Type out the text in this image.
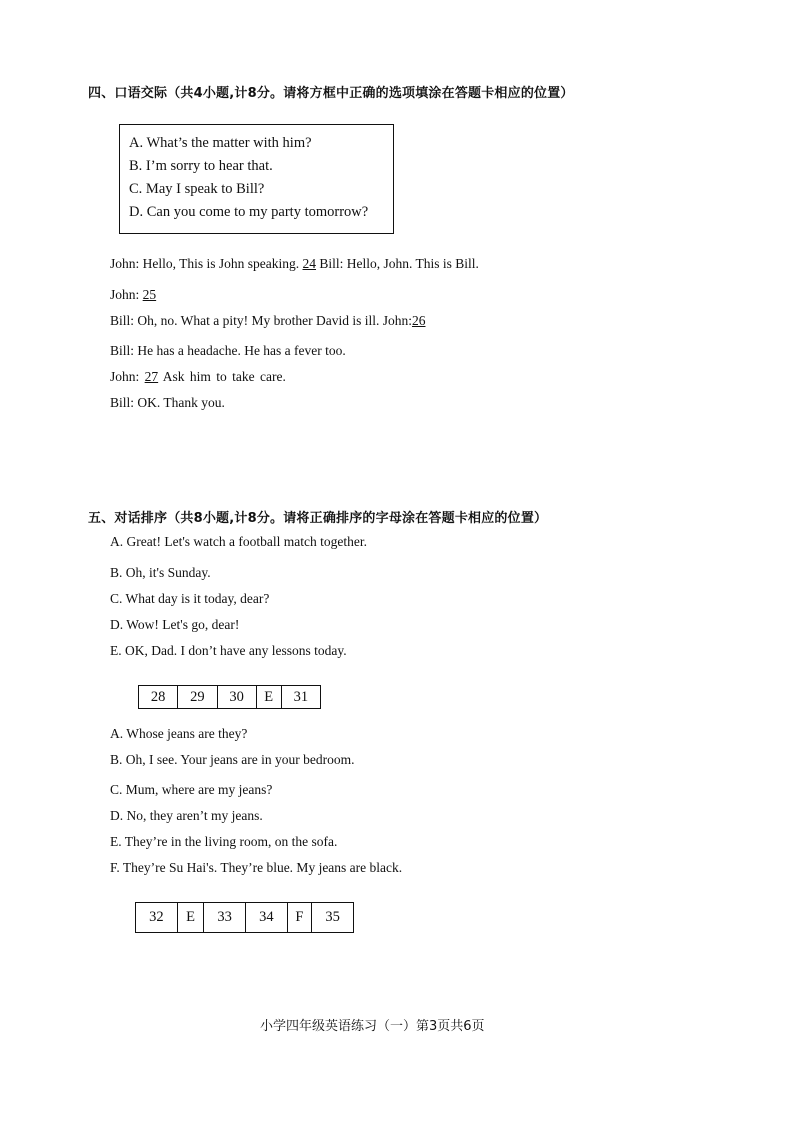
四、口语交际（共4小题,计8分。请将方框中正确的选项填涂在答题卡相应的位置）
A. What’s the matter with him?
B. I’m sorry to hear that.
C. May I speak to Bill?
D. Can you come to my party tomorrow?
John: Hello, This is John speaking. 24 Bill: Hello, John. This is Bill.
John: 25
Bill: Oh, no. What a pity! My brother David is ill. John:26
Bill: He has a headache. He has a fever too.
John: 27 Ask him to take care.
Bill: OK. Thank you.
五、对话排序（共8小题,计8分。请将正确排序的字母涂在答题卡相应的位置）
A. Great! Let's watch a football match together.
B. Oh, it's Sunday.
C. What day is it today, dear?
D. Wow! Let's go, dear!
E. OK, Dad. I don’t have any lessons today.
28	29	30	E	31
A. Whose jeans are they?
B. Oh, I see. Your jeans are in your bedroom.
C. Mum, where are my jeans?
D. No, they aren’t my jeans.
E. They’re in the living room, on the sofa.
F. They’re Su Hai's. They’re blue. My jeans are black.
32	E	33	34	F	35
小学四年级英语练习（一）第3页共6页
